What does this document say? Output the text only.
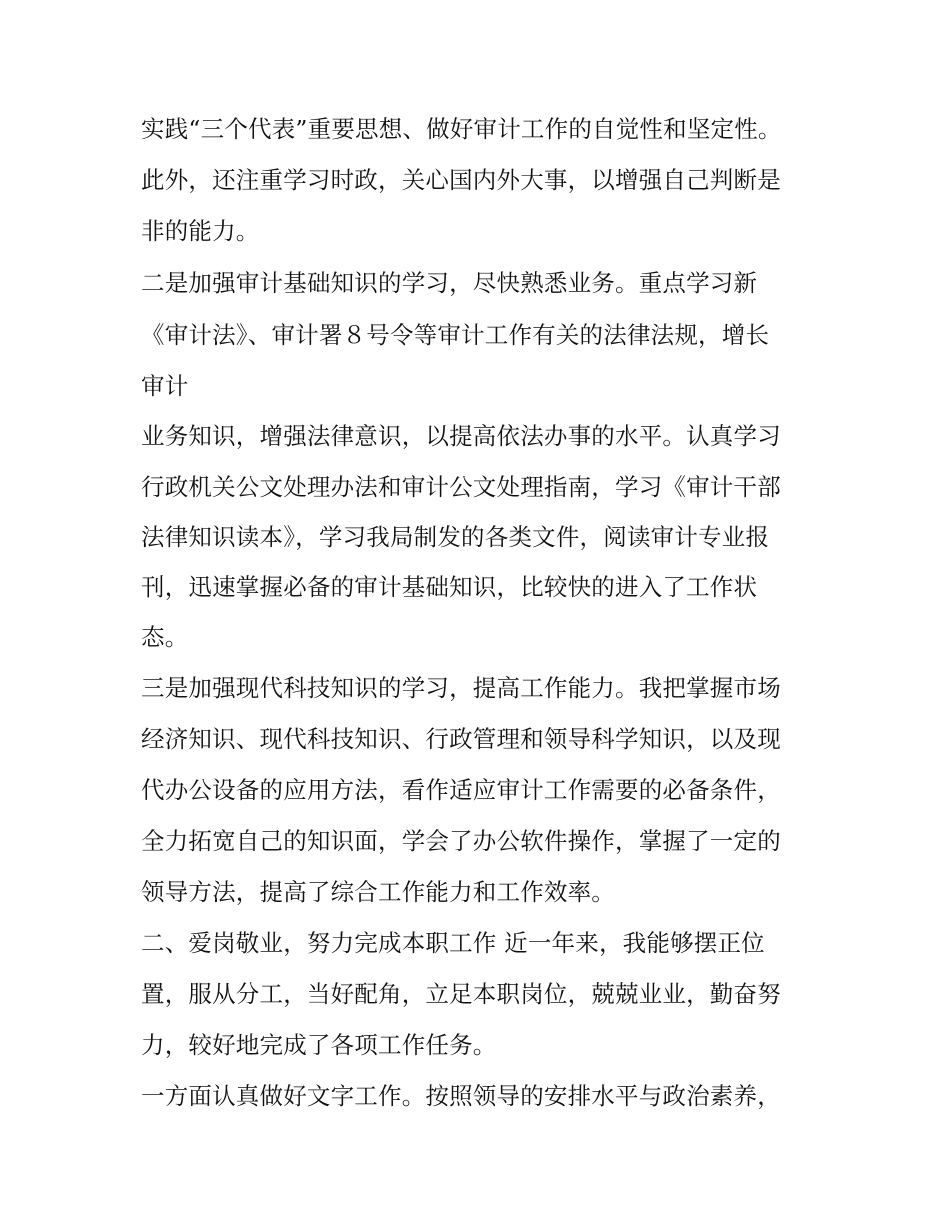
实践“三个代表”重要思想、做好审计工作的自觉性和坚定性。
此外，还注重学习时政，关心国内外大事，以增强自己判断是
非的能力。
二是加强审计基础知识的学习，尽快熟悉业务。重点学习新
《审计法》、审计署８号令等审计工作有关的法律法规，增长
审计
业务知识，增强法律意识，以提高依法办事的水平。认真学习
行政机关公文处理办法和审计公文处理指南，学习《审计干部
法律知识读本》，学习我局制发的各类文件，阅读审计专业报
刊，迅速掌握必备的审计基础知识，比较快的进入了工作状
态。
三是加强现代科技知识的学习，提高工作能力。我把掌握市场
经济知识、现代科技知识、行政管理和领导科学知识，以及现
代办公设备的应用方法，看作适应审计工作需要的必备条件，
全力拓宽自己的知识面，学会了办公软件操作，掌握了一定的
领导方法，提高了综合工作能力和工作效率。
二、爱岗敬业，努力完成本职工作 近一年来，我能够摆正位
置，服从分工，当好配角，立足本职岗位，兢兢业业，勤奋努
力，较好地完成了各项工作任务。
一方面认真做好文字工作。按照领导的安排水平与政治素养，
